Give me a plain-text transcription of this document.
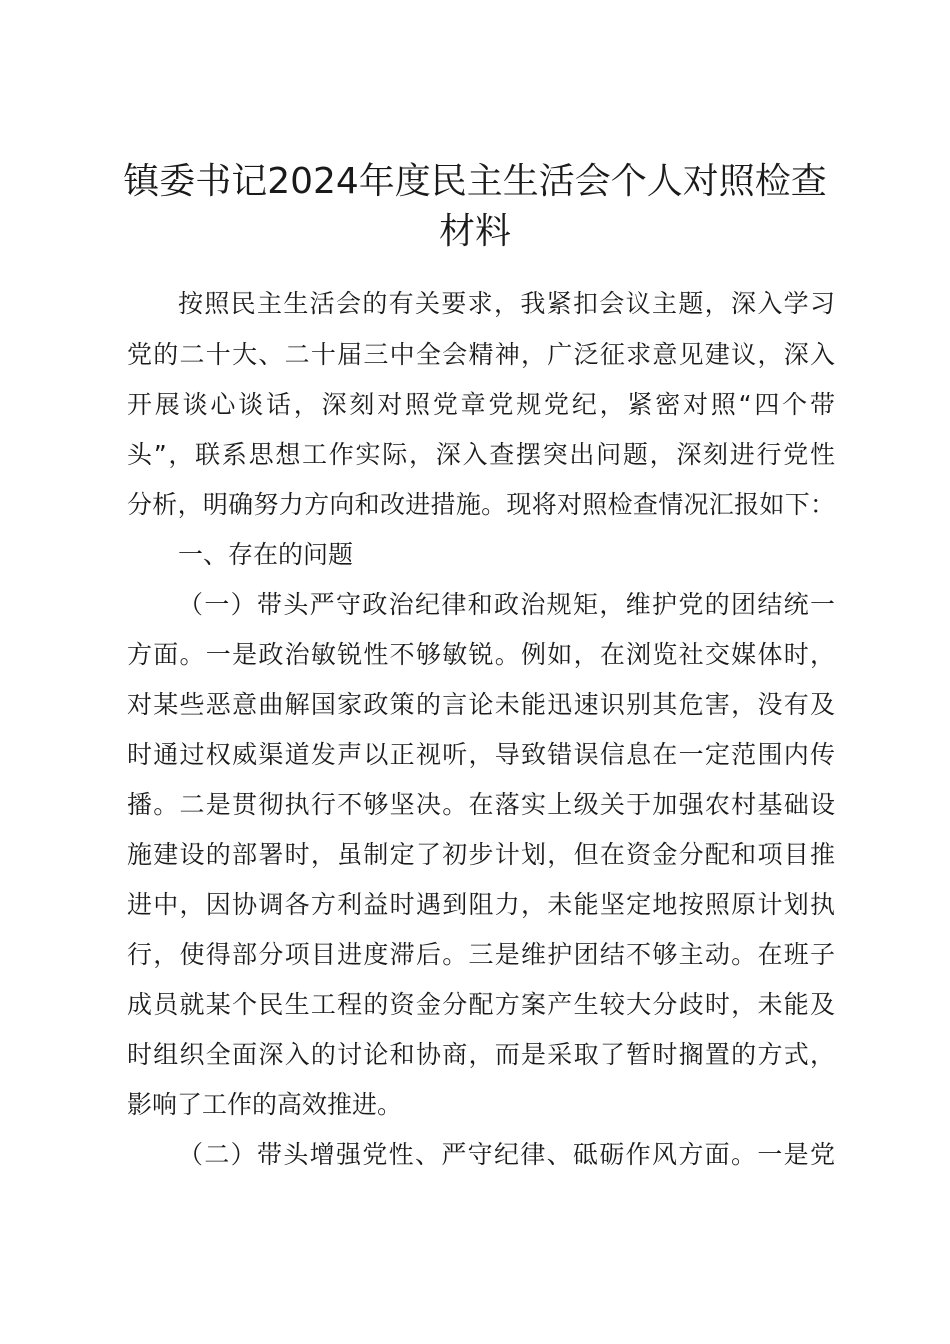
镇委书记2024年度民主生活会个人对照检查
材料
按照民主生活会的有关要求，我紧扣会议主题，深入学习
党的二十大、二十届三中全会精神，广泛征求意见建议，深入
开展谈心谈话，深刻对照党章党规党纪，紧密对照“四个带
头”，联系思想工作实际，深入查摆突出问题，深刻进行党性
分析，明确努力方向和改进措施。现将对照检查情况汇报如下：
一、存在的问题
（一）带头严守政治纪律和政治规矩，维护党的团结统一
方面。一是政治敏锐性不够敏锐。例如，在浏览社交媒体时，
对某些恶意曲解国家政策的言论未能迅速识别其危害，没有及
时通过权威渠道发声以正视听，导致错误信息在一定范围内传
播。二是贯彻执行不够坚决。在落实上级关于加强农村基础设
施建设的部署时，虽制定了初步计划，但在资金分配和项目推
进中，因协调各方利益时遇到阻力，未能坚定地按照原计划执
行，使得部分项目进度滞后。三是维护团结不够主动。在班子
成员就某个民生工程的资金分配方案产生较大分歧时，未能及
时组织全面深入的讨论和协商，而是采取了暂时搁置的方式，
影响了工作的高效推进。
（二）带头增强党性、严守纪律、砥砺作风方面。一是党
